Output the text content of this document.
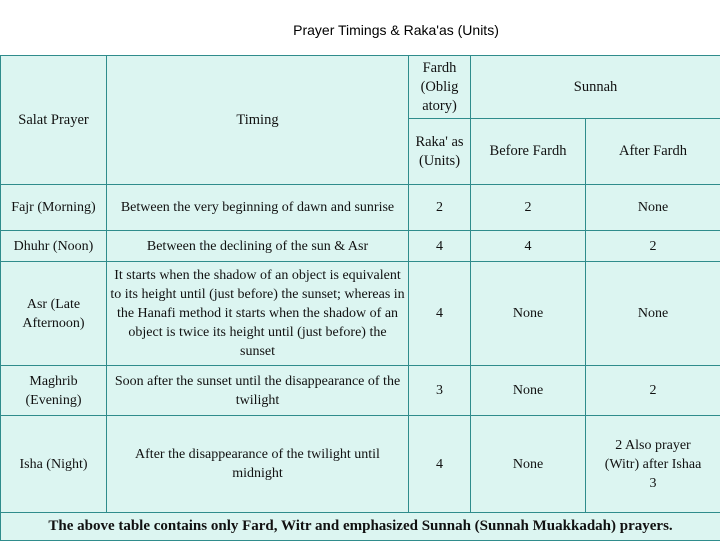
Prayer Timings & Raka'as (Units)
Salat Prayer	Timing	Fardh (Oblig atory)	Sunnah	
		Raka' as (Units)	Before Fardh	After Fardh
Fajr (Morning)	Between the very beginning of dawn and sunrise	2	2	None
Dhuhr (Noon)	Between the declining of the sun & Asr	4	4	2
Asr (Late Afternoon)	It starts when the shadow of an object is equivalent to its height until (just before) the sunset; whereas in the Hanafi method it starts when the shadow of an object is twice its height until (just before) the sunset	4	None	None
Maghrib (Evening)	Soon after the sunset until the disappearance of the twilight	3	None	2
Isha (Night)	After the disappearance of the twilight until midnight	4	None	2 Also prayer (Witr) after Ishaa 3
The above table contains only Fard, Witr and emphasized Sunnah (Sunnah Muakkadah) prayers.				
